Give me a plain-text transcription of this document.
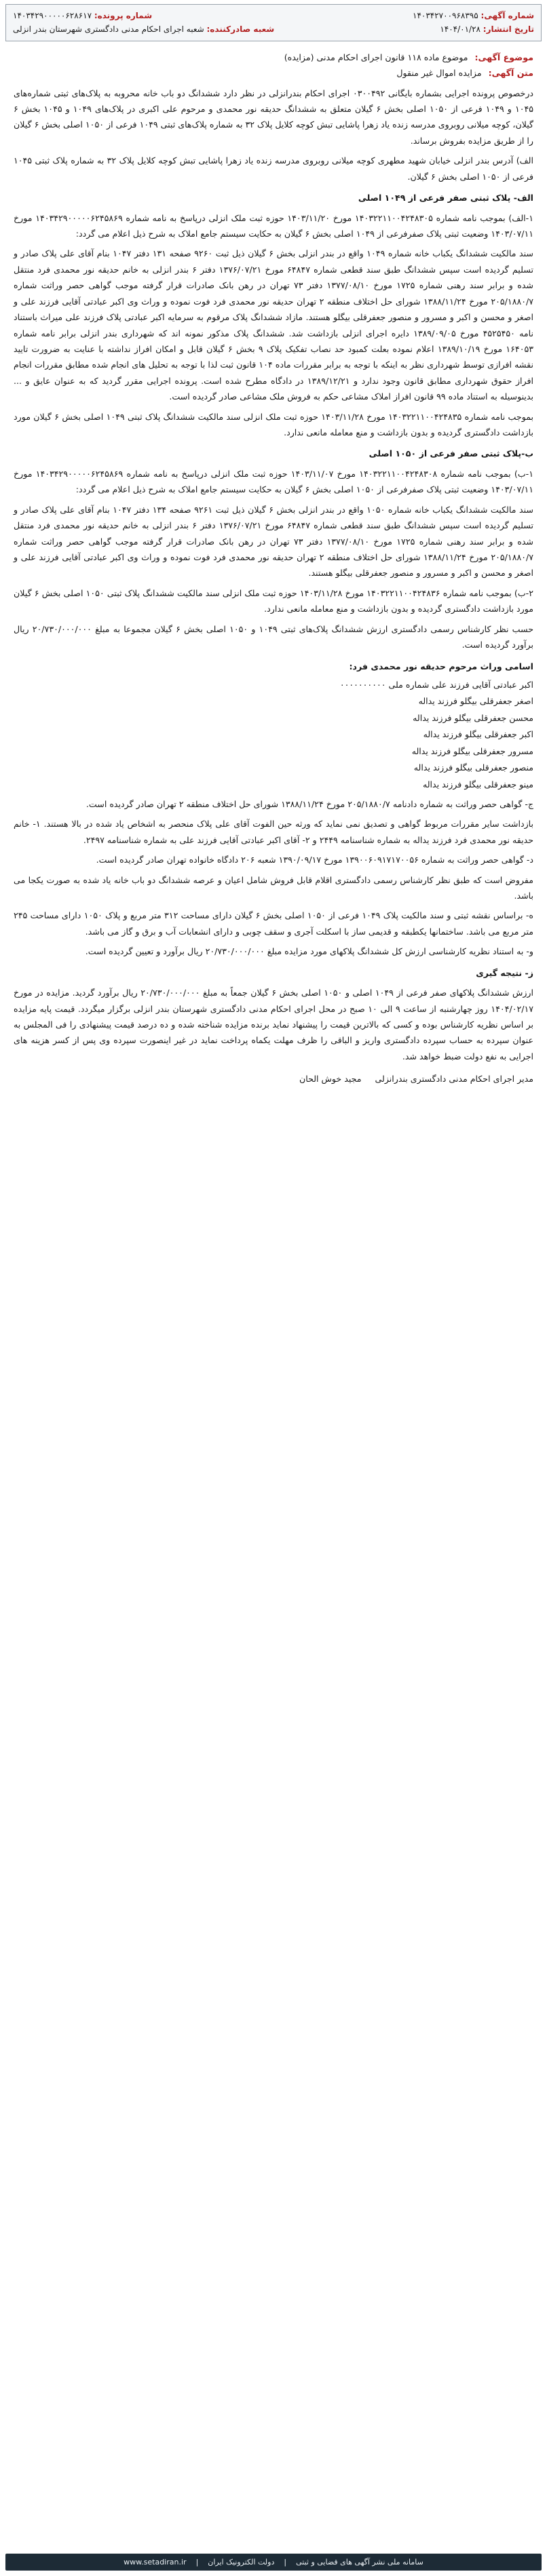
شماره آگهی: ۱۴۰۳۴۲۷۰۰۹۶۸۳۹۵
تاریخ انتشار: ۱۴۰۴/۰۱/۲۸
شماره پرونده: ۱۴۰۳۴۲۹۰۰۰۰۰۶۲۸۶۱۷
شعبه صادرکننده: شعبه اجرای احکام مدنی دادگستری شهرستان بندر انزلی
موضوع آگهی: موضوع ماده ۱۱۸ قانون اجرای احکام مدنی (مزایده)
متن آگهی: مزایده اموال غیر منقول

درخصوص پرونده اجرایی بشماره بایگانی ۰۳۰۰۴۹۲ اجرای احکام بندرانزلی در نظر دارد ششدانگ دو باب خانه محروبه به پلاک‌های ثبتی شماره‌های ۱۰۴۵ و ۱۰۴۹ فرعی از ۱۰۵۰ اصلی بخش ۶ گیلان متعلق به ششدانگ حدیقه نور محمدی و مرحوم علی اکبری در پلاک‌های ۱۰۴۹ و ۱۰۴۵ بخش ۶ گیلان، کوچه میلانی روبروی مدرسه زنده یاد زهرا پاشایی تبش کوچه کلایل پلاک ۳۲ به شماره پلاک‌های ثبتی ۱۰۴۹ فرعی از ۱۰۵۰ اصلی بخش ۶ گیلان را از طریق مزایده بفروش برساند.

الف) آدرس بندر انزلی خیابان شهید مطهری کوچه میلانی روبروی مدرسه زنده یاد زهرا پاشایی تبش کوچه کلایل پلاک ۳۲ به شماره پلاک ثبتی ۱۰۴۵ فرعی از ۱۰۵۰ اصلی بخش ۶ گیلان.

الف- پلاک ثبتی صفر فرعی از ۱۰۴۹ اصلی

۱-الف) بموجب نامه شماره ۱۴۰۳۲۲۱۱۰۰۴۲۴۸۳۰۵ مورخ ۱۴۰۳/۱۱/۲۰ حوزه ثبت ملک انزلی درپاسخ به نامه شماره ۱۴۰۳۴۲۹۰۰۰۰۰۶۲۴۵۸۶۹ مورخ ۱۴۰۳/۰۷/۱۱ وضعیت ثبتی پلاک صفرفرعی از ۱۰۴۹ اصلی بخش ۶ گیلان به حکایت سیستم جامع املاک به شرح ذیل اعلام می گردد:

سند مالکیت ششدانگ یکباب خانه شماره ۱۰۴۹ واقع در بندر انزلی بخش ۶ گیلان ذیل ثبت ۹۲۶۰ صفحه ۱۳۱ دفتر ۱۰۴۷ بنام آقای علی پلاک صادر و تسلیم گردیده است سپس ششدانگ طبق سند قطعی شماره ۶۴۸۴۷ مورخ ۱۳۷۶/۰۷/۲۱ دفتر ۶ بندر انزلی به خانم حدیقه نور محمدی فرد منتقل شده و برابر سند رهنی شماره ۱۷۲۵ مورخ ۱۳۷۷/۰۸/۱۰ دفتر ۷۳ تهران در رهن بانک صادرات قرار گرفته موجب گواهی حصر وراثت شماره ۲۰۵/۱۸۸۰/۷ مورخ ۱۳۸۸/۱۱/۲۴ شورای حل اختلاف منطقه ۲ تهران حدیقه نور محمدی فرد فوت نموده و وراث وی اکبر عبادتی آقایی فرزند علی و اصغر و محسن و اکبر و مسرور و منصور جعفرقلی بیگلو هستند. مازاد ششدانگ پلاک مرقوم به سرمایه اکبر عبادتی پلاک فرزند علی میراث باستناد نامه ۴۵۲۵۴۵۰ مورخ ۱۳۸۹/۰۹/۰۵ دایره اجرای انزلی بازداشت شد. ششدانگ پلاک مذکور نمونه اند که شهرداری بندر انزلی برابر نامه شماره ۱۶۴۰۵۳ مورخ ۱۳۸۹/۱۰/۱۹ اعلام نموده بعلت کمبود حد نصاب تفکیک پلاک ۹ بخش ۶ گیلان قابل و امکان افراز نداشته با عنایت به ضرورت تایید نقشه افرازی توسط شهرداری نظر به اینکه با توجه به برابر مقررات ماده ۱۰۴ قانون ثبت لذا با توجه به تحلیل های انجام شده مطابق مقررات انجام افراز حقوق شهرداری مطابق قانون وجود ندارد و ۱۳۸۹/۱۲/۲۱ در دادگاه مطرح شده است. پرونده اجرایی مقرر گردید که به عنوان عایق و ... بدینوسیله به استناد ماده ۹۹ قانون افراز املاک مشاعی حکم به فروش ملک مشاعی صادر گردیده است.

بموجب نامه شماره ۱۴۰۳۲۲۱۱۰۰۴۲۴۸۳۵ مورخ ۱۴۰۳/۱۱/۲۸ حوزه ثبت ملک انزلی سند مالکیت ششدانگ پلاک ثبتی ۱۰۴۹ اصلی بخش ۶ گیلان مورد بازداشت دادگستری گردیده و بدون بازداشت و منع معامله مانعی ندارد.

ب-پلاک ثبتی صفر فرعی از ۱۰۵۰ اصلی

۱-ب) بموجب نامه شماره ۱۴۰۳۲۲۱۱۰۰۴۲۴۸۳۰۸ مورخ ۱۴۰۳/۱۱/۰۷ حوزه ثبت ملک انزلی درپاسخ به نامه شماره ۱۴۰۳۴۲۹۰۰۰۰۰۶۲۴۵۸۶۹ مورخ ۱۴۰۳/۰۷/۱۱ وضعیت ثبتی پلاک صفرفرعی از ۱۰۵۰ اصلی بخش ۶ گیلان به حکایت سیستم جامع املاک به شرح ذیل اعلام می گردد:

سند مالکیت ششدانگ یکباب خانه شماره ۱۰۵۰ واقع در بندر انزلی بخش ۶ گیلان ذیل ثبت ۹۲۶۱ صفحه ۱۳۴ دفتر ۱۰۴۷ بنام آقای علی پلاک صادر و تسلیم گردیده است سپس ششدانگ طبق سند قطعی شماره ۶۴۸۴۷ مورخ ۱۳۷۶/۰۷/۲۱ دفتر ۶ بندر انزلی به خانم حدیقه نور محمدی فرد منتقل شده و برابر سند رهنی شماره ۱۷۲۵ مورخ ۱۳۷۷/۰۸/۱۰ دفتر ۷۳ تهران در رهن بانک صادرات قرار گرفته موجب گواهی حصر وراثت شماره ۲۰۵/۱۸۸۰/۷ مورخ ۱۳۸۸/۱۱/۲۴ شورای حل اختلاف منطقه ۲ تهران حدیقه نور محمدی فرد فوت نموده و وراث وی اکبر عبادتی آقایی فرزند علی و اصغر و محسن و اکبر و مسرور و منصور جعفرقلی بیگلو هستند.

۲-ب) بموجب نامه شماره ۱۴۰۳۲۲۱۱۰۰۴۲۴۸۳۶ مورخ ۱۴۰۳/۱۱/۲۸ حوزه ثبت ملک انزلی سند مالکیت ششدانگ پلاک ثبتی ۱۰۵۰ اصلی بخش ۶ گیلان مورد بازداشت دادگستری گردیده و بدون بازداشت و منع معامله مانعی ندارد.

حسب نظر کارشناس رسمی دادگستری ارزش ششدانگ پلاک‌های ثبتی ۱۰۴۹ و ۱۰۵۰ اصلی بخش ۶ گیلان مجموعا به مبلغ ۲۰/۷۳۰/۰۰۰/۰۰۰ ریال برآورد گردیده است.

اسامی وراث مرحوم حدیقه نور محمدی فرد:
اکبر عبادتی آقایی فرزند علی شماره ملی ۰۰۰۰۰۰۰۰۰۰
اصغر جعفرقلی بیگلو فرزند یداله
محسن جعفرقلی بیگلو فرزند یداله
اکبر جعفرقلی بیگلو فرزند یداله
مسرور جعفرقلی بیگلو فرزند یداله
منصور جعفرقلی بیگلو فرزند یداله
مینو جعفرقلی بیگلو فرزند یداله

ج- گواهی حصر وراثت به شماره دادنامه ۲۰۵/۱۸۸۰/۷ مورخ ۱۳۸۸/۱۱/۲۴ شورای حل اختلاف منطقه ۲ تهران صادر گردیده است.

بازداشت سایر مقررات مربوط گواهی و تصدیق نمی نماید که ورثه حین الفوت آقای علی پلاک منحصر به اشخاص یاد شده در بالا هستند. ۱- خانم حدیقه نور محمدی فرد فرزند یداله به شماره شناسنامه ۲۴۴۹ و ۲- آقای اکبر عبادتی آقایی فرزند علی به شماره شناسنامه ۲۴۹۷.

د- گواهی حصر وراثت به شماره ۱۳۹۰۰۶۰۹۱۷۱۷۰۰۵۶ مورخ ۱۳۹۰/۰۹/۱۷ شعبه ۲۰۶ دادگاه خانواده تهران صادر گردیده است.

مفروض است که طبق نظر کارشناس رسمی دادگستری اقلام قابل فروش شامل اعیان و عرصه ششدانگ دو باب خانه یاد شده به صورت یکجا می باشد.

ه- براساس نقشه ثبتی و سند مالکیت پلاک ۱۰۴۹ فرعی از ۱۰۵۰ اصلی بخش ۶ گیلان دارای مساحت ۳۱۲ متر مربع و پلاک ۱۰۵۰ دارای مساحت ۲۴۵ متر مربع می باشد. ساختمانها یکطبقه و قدیمی ساز با اسکلت آجری و سقف چوبی و دارای انشعابات آب و برق و گاز می باشد.

و- به استناد نظریه کارشناسی ارزش کل ششدانگ پلاکهای مورد مزایده مبلغ ۲۰/۷۳۰/۰۰۰/۰۰۰ ریال برآورد و تعیین گردیده است.

ز- نتیجه گیری

ارزش ششدانگ پلاکهای صفر فرعی از ۱۰۴۹ اصلی و ۱۰۵۰ اصلی بخش ۶ گیلان جمعاً به مبلغ ۲۰/۷۳۰/۰۰۰/۰۰۰ ریال برآورد گردید. مزایده در مورخ ۱۴۰۴/۰۲/۱۷ روز چهارشنبه از ساعت ۹ الی ۱۰ صبح در محل اجرای احکام مدنی دادگستری شهرستان بندر انزلی برگزار میگردد. قیمت پایه مزایده بر اساس نظریه کارشناس بوده و کسی که بالاترین قیمت را پیشنهاد نماید برنده مزایده شناخته شده و ده درصد قیمت پیشنهادی را فی المجلس به عنوان سپرده به حساب سپرده دادگستری واریز و الباقی را ظرف مهلت یکماه پرداخت نماید در غیر اینصورت سپرده وی پس از کسر هزینه های اجرایی به نفع دولت ضبط خواهد شد.

مدیر اجرای احکام مدنی دادگستری بندرانزلی
مجید خوش الحان
سامانه ملی نشر آگهی های قضایی و ثبتی
|
دولت الکترونیک ایران
|
www.setadiran.ir
